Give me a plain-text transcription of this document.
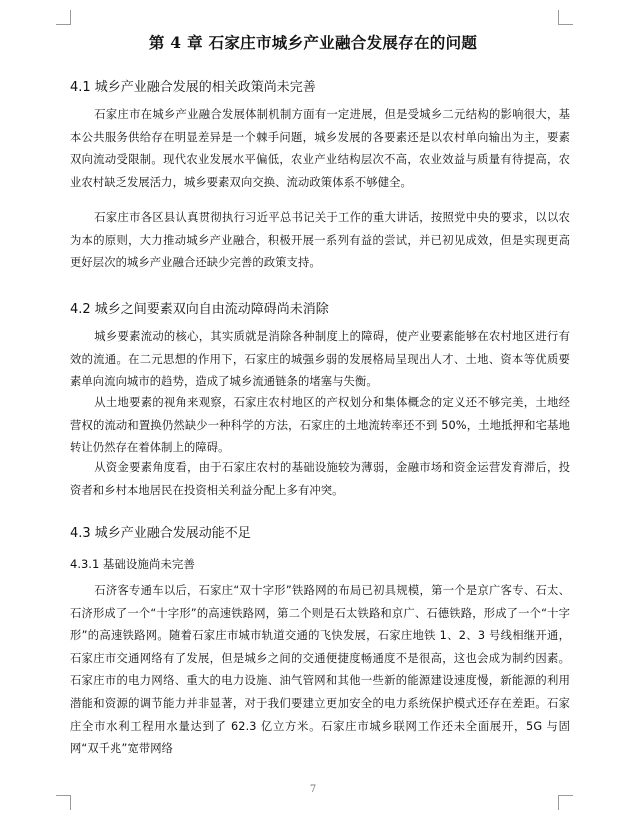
第 4 章 石家庄市城乡产业融合发展存在的问题
4.1 城乡产业融合发展的相关政策尚未完善

石家庄市在城乡产业融合发展体制机制方面有一定进展，但是受城乡二元结构的影响很大，基本公共服务供给存在明显差异是一个棘手问题，城乡发展的各要素还是以农村单向输出为主，要素双向流动受限制。现代农业发展水平偏低，农业产业结构层次不高，农业效益与质量有待提高，农业农村缺乏发展活力，城乡要素双向交换、流动政策体系不够健全。

石家庄市各区县认真贯彻执行习近平总书记关于工作的重大讲话，按照党中央的要求，以以农为本的原则，大力推动城乡产业融合，积极开展一系列有益的尝试，并已初见成效，但是实现更高更好层次的城乡产业融合还缺少完善的政策支持。

4.2 城乡之间要素双向自由流动障碍尚未消除

城乡要素流动的核心，其实质就是消除各种制度上的障碍，使产业要素能够在农村地区进行有效的流通。在二元思想的作用下，石家庄的城强乡弱的发展格局呈现出人才、土地、资本等优质要素单向流向城市的趋势，造成了城乡流通链条的堵塞与失衡。

从土地要素的视角来观察，石家庄农村地区的产权划分和集体概念的定义还不够完美，土地经营权的流动和置换仍然缺少一种科学的方法，石家庄的土地流转率还不到 50%，土地抵押和宅基地转让仍然存在着体制上的障碍。

从资金要素角度看，由于石家庄农村的基础设施较为薄弱，金融市场和资金运营发育滞后，投资者和乡村本地居民在投资相关利益分配上多有冲突。

4.3 城乡产业融合发展动能不足
4.3.1 基础设施尚未完善

石济客专通车以后，石家庄“双十字形”铁路网的布局已初具规模，第一个是京广客专、石太、石济形成了一个“十字形”的高速铁路网，第二个则是石太铁路和京广、石德铁路，形成了一个“十字形”的高速铁路网。随着石家庄市城市轨道交通的飞快发展，石家庄地铁 1、2、3 号线相继开通，石家庄市交通网络有了发展，但是城乡之间的交通便捷度畅通度不是很高，这也会成为制约因素。石家庄市的电力网络、重大的电力设施、油气管网和其他一些新的能源建设速度慢，新能源的利用潜能和资源的调节能力并非显著，对于我们要建立更加安全的电力系统保护模式还存在差距。石家庄全市水利工程用水量达到了 62.3 亿立方米。石家庄市城乡联网工作还未全面展开，5G 与固网“双千兆”宽带网络

7
